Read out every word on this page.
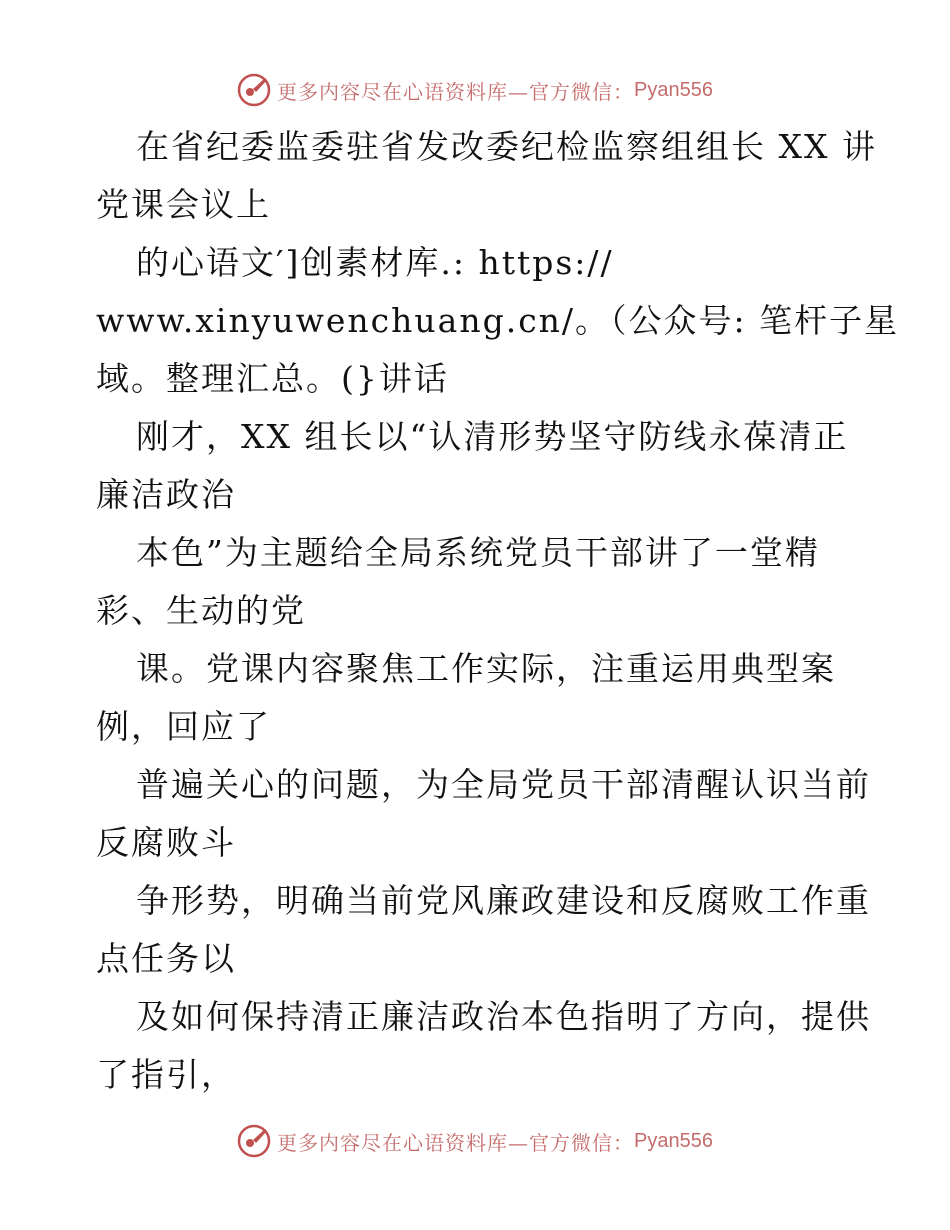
更多内容尽在心语资料库—官方微信： Pyan556
在省纪委监委驻省发改委纪检监察组组长 XX 讲
党课会议上
的心语文′]创素材库.: https://
www.xinyuwenchuang.cn/。（公众号: 笔杆子星
域。整理汇总。(}讲话
刚才，XX 组长以“认清形势坚守防线永葆清正
廉洁政治
本色”为主题给全局系统党员干部讲了一堂精
彩、生动的党
课。党课内容聚焦工作实际，注重运用典型案
例，回应了
普遍关心的问题，为全局党员干部清醒认识当前
反腐败斗
争形势，明确当前党风廉政建设和反腐败工作重
点任务以
及如何保持清正廉洁政治本色指明了方向，提供
了指引，
更多内容尽在心语资料库—官方微信： Pyan556
